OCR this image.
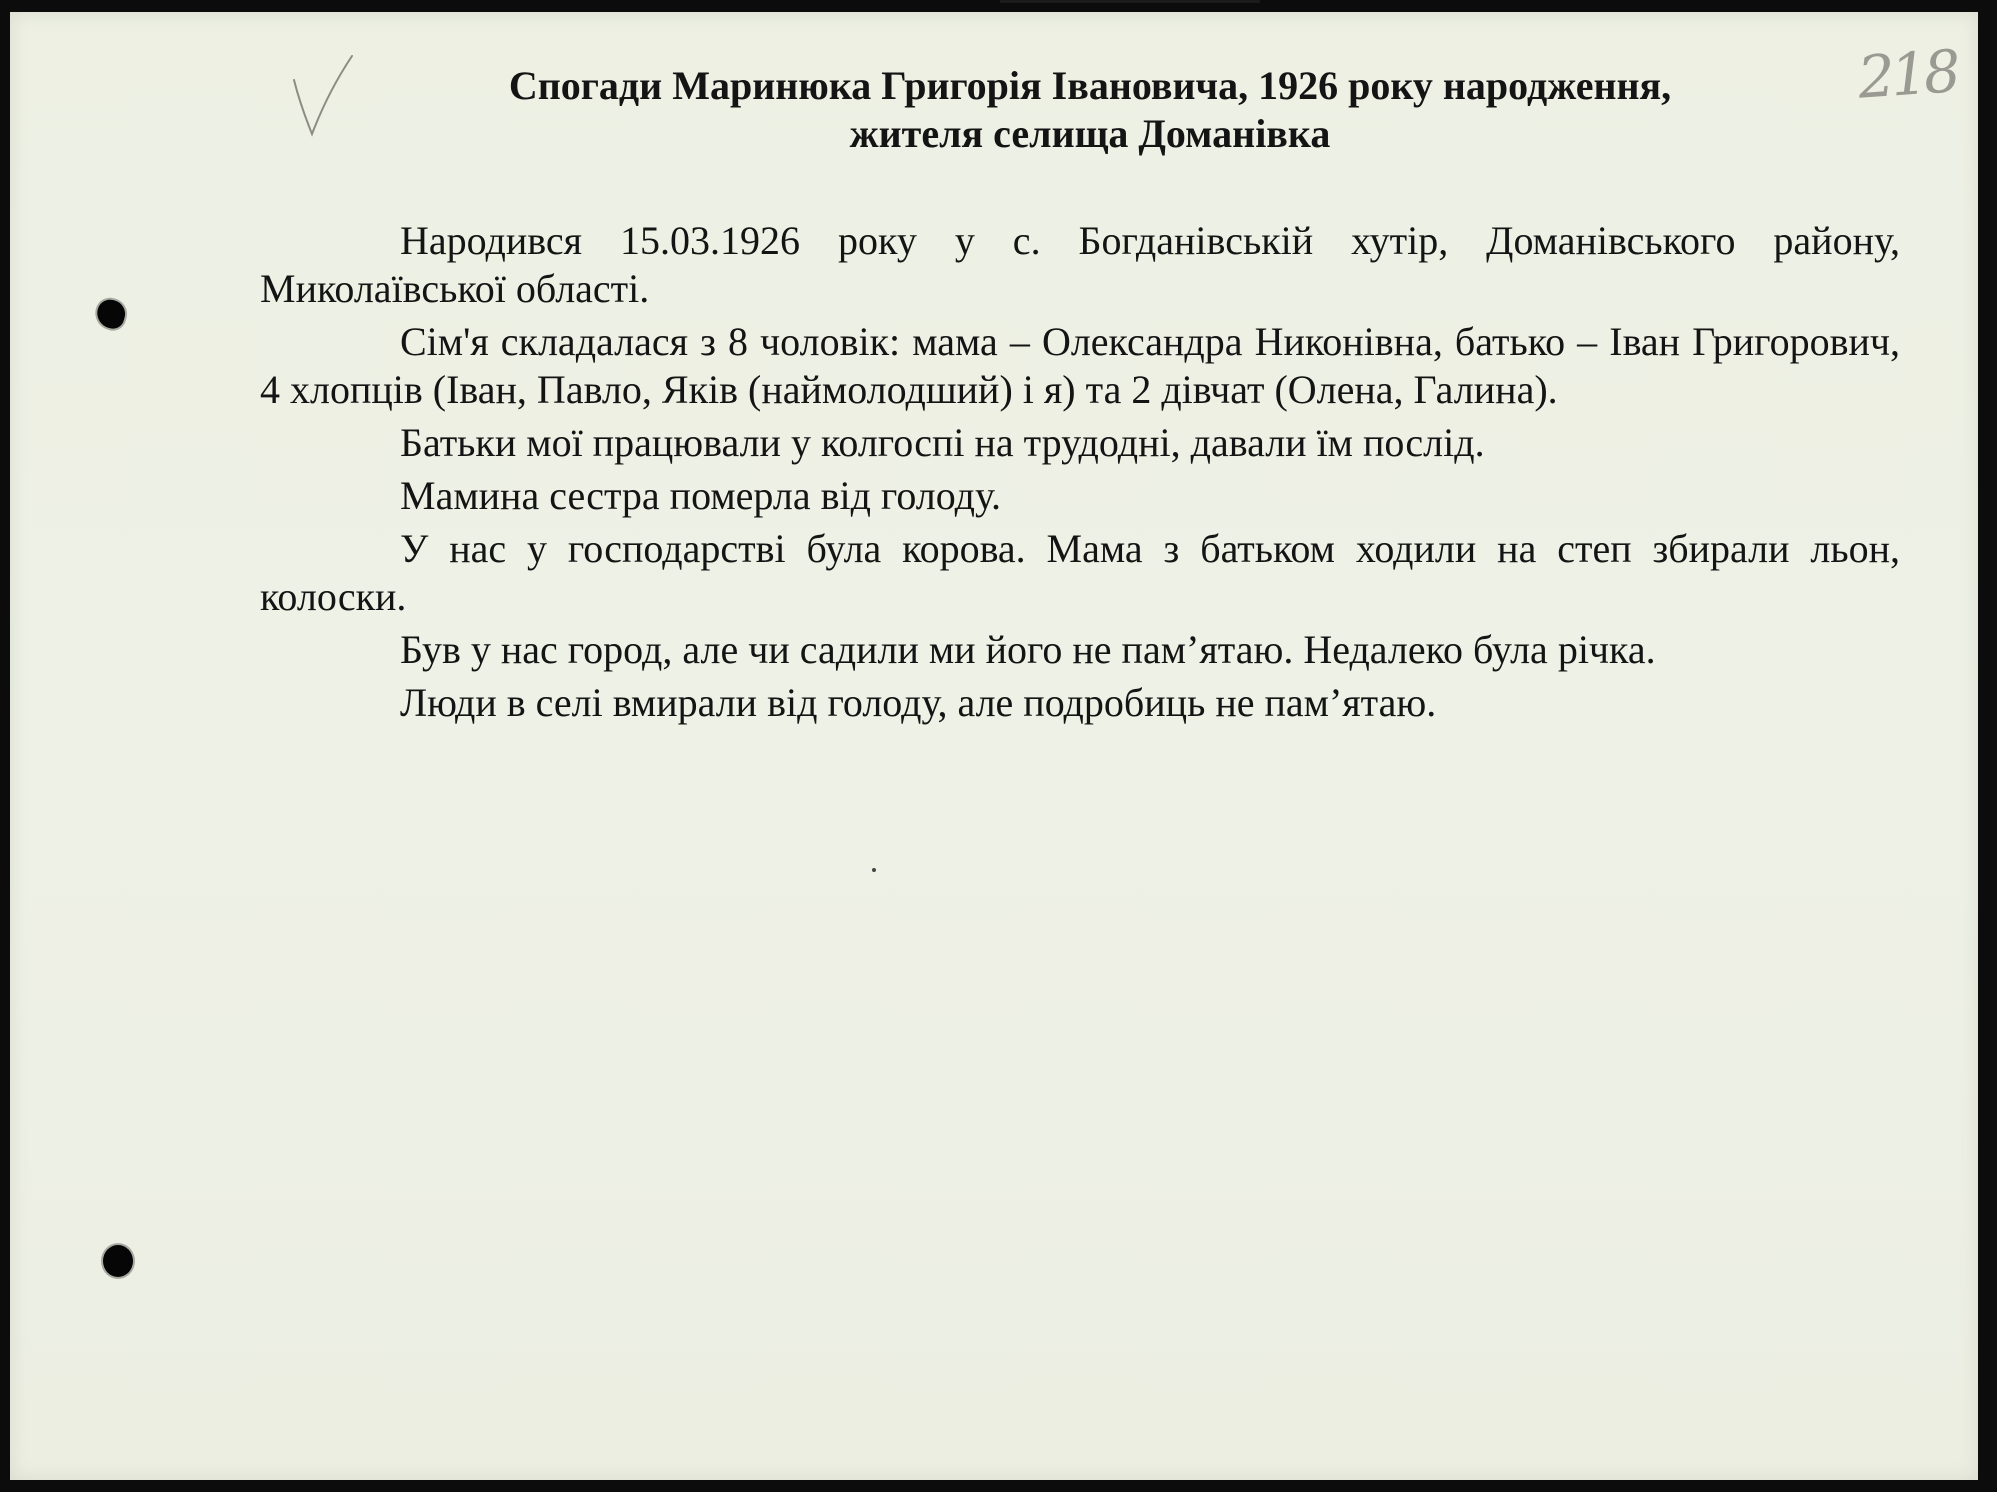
218
Спогади Маринюка Григорія Івановича, 1926 року народження,
жителя селища Доманівка

Народився 15.03.1926 року у с. Богданівській хутір, Доманівського району, Миколаївської області.

Сім'я складалася з 8 чоловік: мама – Олександра Никонівна, батько – Іван Григорович, 4 хлопців (Іван, Павло, Яків (наймолодший) і я) та 2 дівчат (Олена, Галина).

Батьки мої працювали у колгоспі на трудодні, давали їм послід.

Мамина сестра померла від голоду.

У нас у господарстві була корова. Мама з батьком ходили на степ збирали льон, колоски.

Був у нас город, але чи садили ми його не пам’ятаю. Недалеко була річка.

Люди в селі вмирали від голоду, але подробиць не пам’ятаю.
